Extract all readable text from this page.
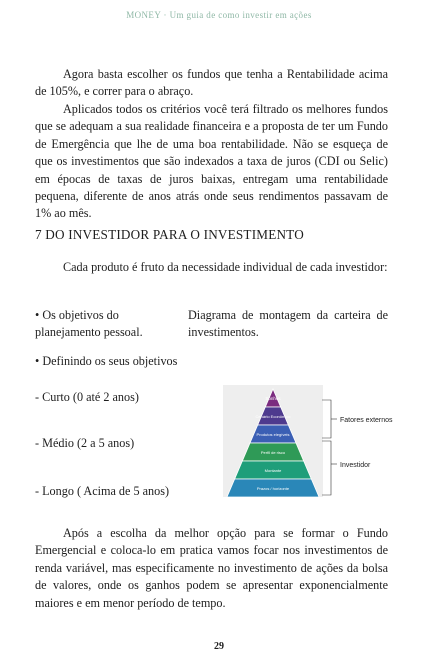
MONEY · Um guia de como investir em ações

Agora basta escolher os fundos que tenha a Rentabilidade acima de 105%, e correr para o abraço.

Aplicados todos os critérios você terá filtrado os melhores fundos que se adequam a sua realidade financeira e a proposta de ter um Fundo de Emergência que lhe de uma boa rentabilidade. Não se esqueça de que os investimentos que são indexados a taxa de juros (CDI ou Selic) em épocas de taxas de juros baixas, entregam uma rentabilidade pequena, diferente de anos atrás onde seus rendimentos passavam de 1% ao mês.

7 DO INVESTIDOR PARA O INVESTIMENTO

Cada produto é fruto da necessidade individual de cada investidor:

• Os objetivos do
planejamento pessoal.

Diagrama de montagem da carteira de investimentos.

• Definindo os seus objetivos
- Curto (0 até 2 anos)
- Médio (2 a 5 anos)
- Longo ( Acima de 5 anos)
Sonhos
Cenário Econômico
Produtos elegíveis
Perfil de risco
Montante
Prazos / horizonte
Fatores externos
Investidor

Após a escolha da melhor opção para se formar o Fundo Emergencial e coloca-lo em pratica vamos focar nos investimentos de renda variável, mas especificamente no investimento de ações da bolsa de valores, onde os ganhos podem se apresentar exponencialmente maiores e em menor período de tempo.

29
